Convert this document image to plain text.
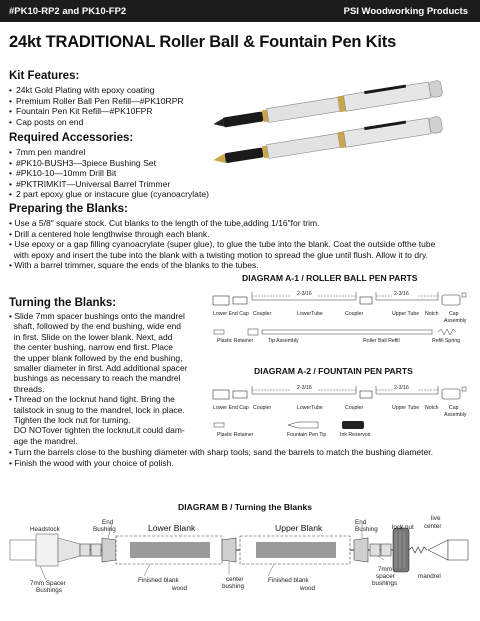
#PK10-RP2 and PK10-FP2	PSI Woodworking Products
24kt TRADITIONAL Roller Ball & Fountain Pen Kits
Kit Features:
• 24kt Gold Plating with epoxy coating
• Premium Roller Ball Pen Refill—#PK10RPR
• Fountain Pen Kit Refill—#PK10FPR
• Cap posts on end
Required Accessories:
• 7mm pen mandrel
• #PK10-BUSH3—3piece Bushing Set
• #PK10-10—10mm Drill Bit
• #PKTRIMKIT—Universal Barrel Trimmer
• 2 part epoxy glue or instacure glue (cyanoacrylate)
Preparing the Blanks:
• Use a 5/8" square stock. Cut blanks to the length of the tube,adding 1/16"for trim.
• Drill a centered hole lengthwise through each blank.
• Use epoxy or a gap filling cyanoacrylate (super glue), to glue the tube into the blank. Coat the outside ofthe tube
with epoxy and insert the tube into the blank with a twisting motion to spread the glue until flush. Allow it to dry.
• With a barrel trimmer, square the ends of the blanks to the tubes.
DIAGRAM A-1 / ROLLER BALL PEN PARTS
2-3/16	2-3/16
Lower End Cap Coupler	LowerTube	Coupler	Upper Tube Notch Cap
Assembly
Plastic Retainer	Tip Assembly	Roller Ball Refill	Refill Spring
Turning the Blanks:
• Slide 7mm spacer bushings onto the mandrel
shaft, followed by the end bushing, wide end
in first. Slide on the lower blank. Next, add
the center bushing, narrow end first. Place
the upper blank followed by the end bushing,
smaller diameter in first. Add additional spacer
bushings as necessary to reach the mandrel
threads.
• Thread on the locknut hand tight. Bring the
tailstock in snug to the mandrel, lock in place.
Tighten the lock nut for turning.
DO NOTover tighten the locknut,it could dam-
age the mandrel.
• Turn the barrels close to the bushing diameter with sharp tools; sand the barrels to match the bushing diameter.
• Finish the wood with your choice of polish.
DIAGRAM A-2 / FOUNTAIN PEN PARTS
2-3/16	2-3/16
Lower End Cap Coupler	LowerTube	Coupler	Upper Tube Notch Cap
Assembly
Plastic Retainer	Fountain Pen Tip	Ink Reservoir
DIAGRAM B / Turning the Blanks
Headstock
End
Bushing	Lower Blank	Upper Blank
End
Bushing lock nut
live
center
7mm Spacer
Bushings
Finished blank
wood
center
bushing
Finished blank
wood
7mm
spacer
bushings
mandrel
